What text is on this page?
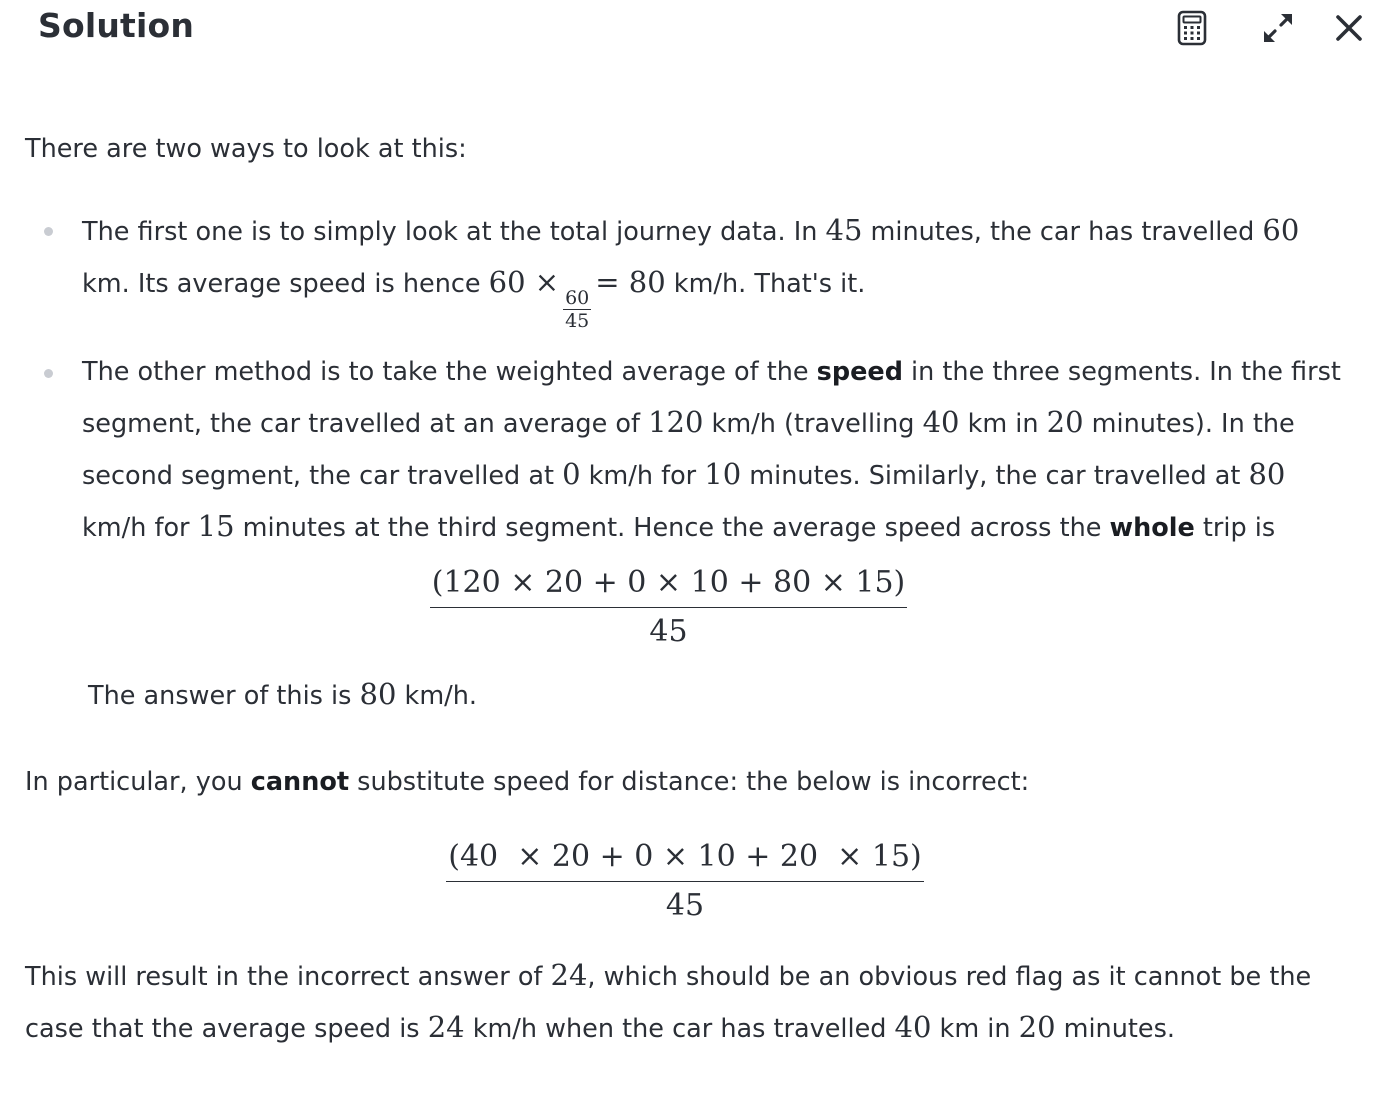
Solution

There are two ways to look at this:

The first one is to simply look at the total journey data. In 45 minutes, the car has travelled 60 km. Its average speed is hence 60 ×
$\frac{60}{45}$
= 80 km/h. That's it.
The other method is to take the weighted average of the speed in the three segments. In the first segment, the car travelled at an average of 120 km/h (travelling 40 km in 20 minutes). In the second segment, the car travelled at 0 km/h for 10 minutes. Similarly, the car travelled at 80 km/h for 15 minutes at the third segment. Hence the average speed across the whole trip is
$\frac{(120 \times 20 + 0 \times 10 + 80 \times 15)}{45}$

The answer of this is 80 km/h.

In particular, you cannot substitute speed for distance: the below is incorrect:

$\frac{(40 \times 20 + 0 \times 10 + 20 \times 15)}{45}$

This will result in the incorrect answer of 24, which should be an obvious red flag as it cannot be the case that the average speed is 24 km/h when the car has travelled 40 km in 20 minutes.
